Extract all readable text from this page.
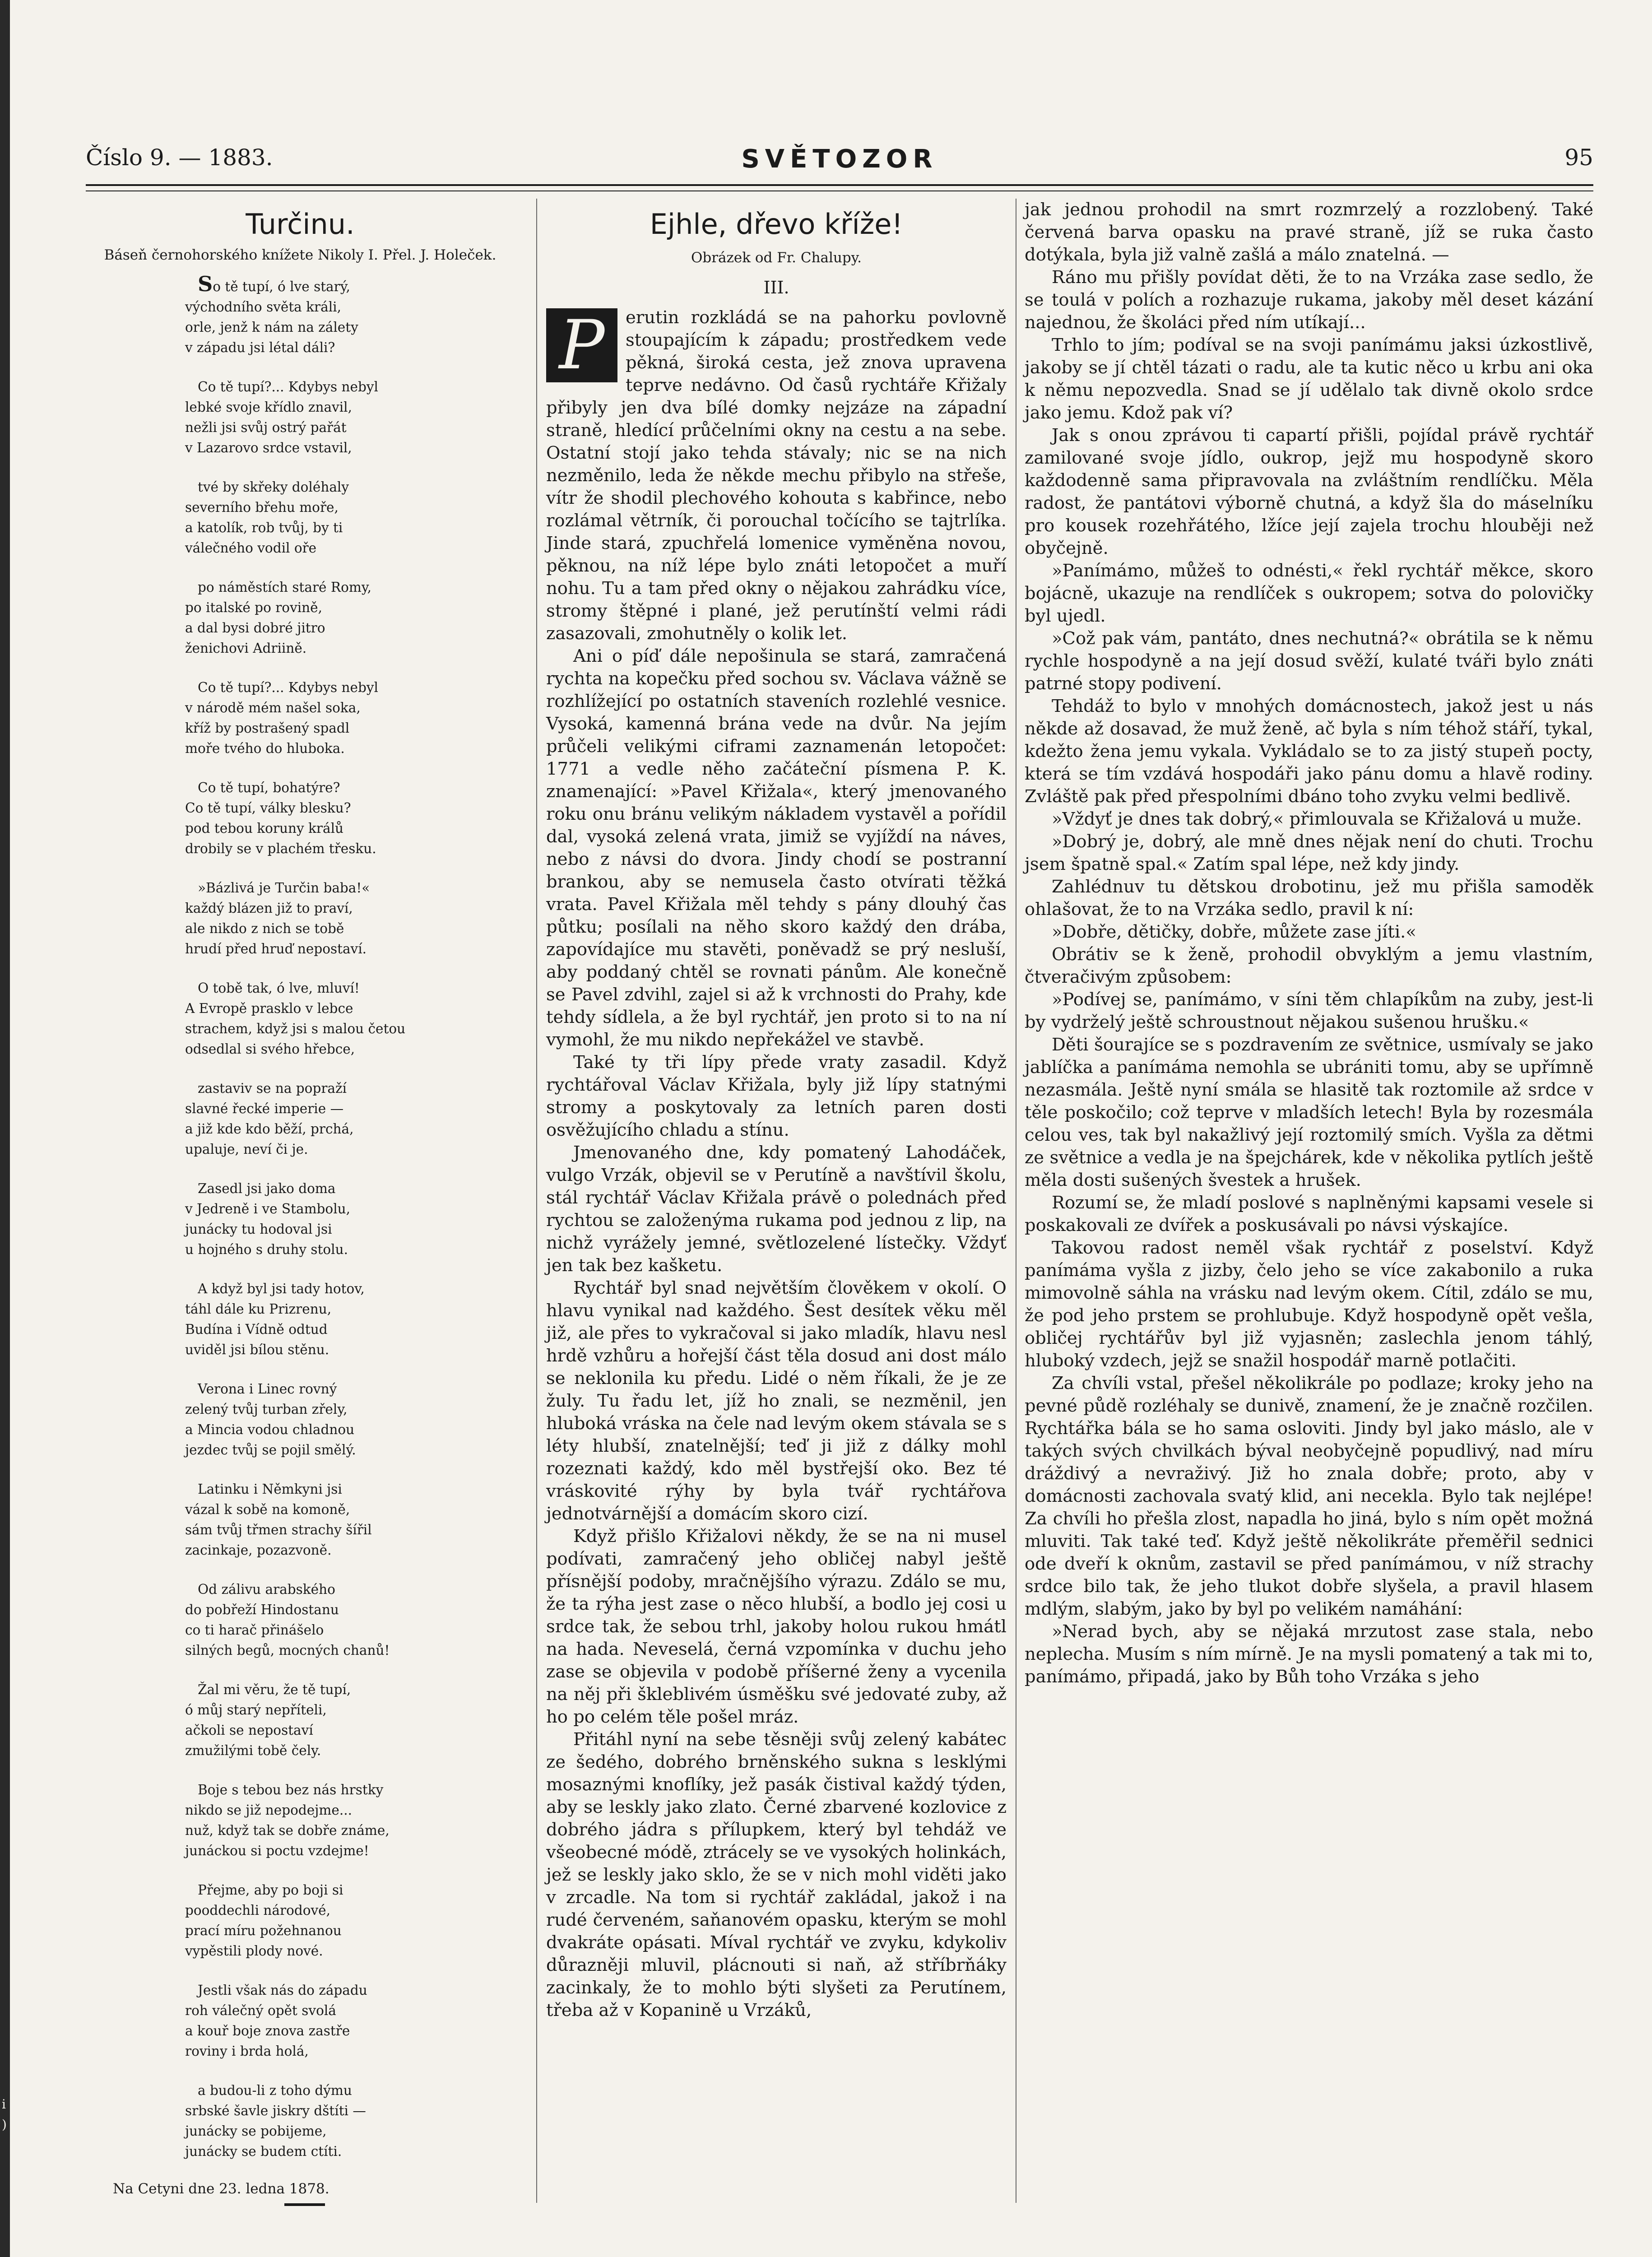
i
)
Číslo 9. — 1883.	SVĚTOZOR	95
Turčinu.
Báseň černohorského knížete Nikoly I. Přel. J. Holeček.
So tě tupí, ó lve starý,
východního světa králi,
orle, jenž k nám na zálety
v západu jsi létal dáli?
Co tě tupí?... Kdybys nebyl
lebké svoje křídlo znavil,
nežli jsi svůj ostrý pařát
v Lazarovo srdce vstavil,
tvé by skřeky doléhaly
severního břehu moře,
a katolík, rob tvůj, by ti
válečného vodil oře
po náměstích staré Romy,
po italské po rovině,
a dal bysi dobré jitro
ženichovi Adriině.
Co tě tupí?... Kdybys nebyl
v národě mém našel soka,
kříž by postrašený spadl
moře tvého do hluboka.
Co tě tupí, bohatýre?
Co tě tupí, války blesku?
pod tebou koruny králů
drobily se v plachém třesku.
»Bázlivá je Turčin baba!«
každý blázen již to praví,
ale nikdo z nich se tobě
hrudí před hruď nepostaví.
O tobě tak, ó lve, mluví!
A Evropě prasklo v lebce
strachem, když jsi s malou četou
odsedlal si svého hřebce,
zastaviv se na popraží
slavné řecké imperie —
a již kde kdo běží, prchá,
upaluje, neví či je.
Zasedl jsi jako doma
v Jedreně i ve Stambolu,
junácky tu hodoval jsi
u hojného s druhy stolu.
A když byl jsi tady hotov,
táhl dále ku Prizrenu,
Budína i Vídně odtud
uviděl jsi bílou stěnu.
Verona i Linec rovný
zelený tvůj turban zřely,
a Mincia vodou chladnou
jezdec tvůj se pojil smělý.
Latinku i Němkyni jsi
vázal k sobě na komoně,
sám tvůj třmen strachy šířil
zacinkaje, pozazvoně.
Od zálivu arabského
do pobřeží Hindostanu
co ti harač přinášelo
silných begů, mocných chanů!
Žal mi věru, že tě tupí,
ó můj starý nepříteli,
ačkoli se nepostaví
zmužilými tobě čely.
Boje s tebou bez nás hrstky
nikdo se již nepodejme...
nuž, když tak se dobře známe,
junáckou si poctu vzdejme!
Přejme, aby po boji si
pooddechli národové,
prací míru požehnanou
vypěstili plody nové.
Jestli však nás do západu
roh válečný opět svolá
a kouř boje znova zastře
roviny i brda holá,
a budou-li z toho dýmu
srbské šavle jiskry dštíti —
junácky se pobijeme,
junácky se budem ctíti.
Na Cetyni dne 23. ledna 1878.
Ejhle, dřevo kříže!
Obrázek od Fr. Chalupy.
III.

P	erutin rozkládá se na pahorku povlovně stoupajícím k západu; prostředkem vede pěkná, široká cesta, jež znova upravena teprve nedávno. Od časů rychtáře Křižaly přibyly jen dva bílé domky nejzáze na západní straně, hledící průčelními okny na cestu a na sebe. Ostatní stojí jako tehda stávaly; nic se na nich nezměnilo, leda že někde mechu přibylo na střeše, vítr že shodil plechového kohouta s kabřince, nebo rozlámal větrník, či porouchal točícího se tajtrlíka. Jinde stará, zpuchřelá lomenice vyměněna novou, pěknou, na níž lépe bylo znáti letopočet a muří nohu. Tu a tam před okny o nějakou zahrádku více, stromy štěpné i plané, jež perutínští velmi rádi zasazovali, zmohutněly o kolik let.

Ani o píď dále nepošinula se stará, zamračená rychta na kopečku před sochou sv. Václava vážně se rozhlížející po ostatních staveních rozlehlé vesnice. Vysoká, kamenná brána vede na dvůr. Na jejím průčeli velikými ciframi zaznamenán letopočet: 1771 a vedle něho začáteční písmena P. K. znamenající: »Pavel Křižala«, který jmenovaného roku onu bránu velikým nákladem vystavěl a pořídil dal, vysoká zelená vrata, jimiž se vyjíždí na náves, nebo z návsi do dvora. Jindy chodí se postranní brankou, aby se nemusela často otvírati těžká vrata. Pavel Křižala měl tehdy s pány dlouhý čas půtku; posílali na něho skoro každý den drába, zapovídajíce mu stavěti, poněvadž se prý nesluší, aby poddaný chtěl se rovnati pánům. Ale konečně se Pavel zdvihl, zajel si až k vrchnosti do Prahy, kde tehdy sídlela, a že byl rychtář, jen proto si to na ní vymohl, že mu nikdo nepřekážel ve stavbě.

Také ty tři lípy přede vraty zasadil. Když rychtářoval Václav Křižala, byly již lípy statnými stromy a poskytovaly za letních paren dosti osvěžujícího chladu a stínu.

Jmenovaného dne, kdy pomatený Lahodáček, vulgo Vrzák, objevil se v Perutíně a navštívil školu, stál rychtář Václav Křižala právě o polednách před rychtou se založenýma rukama pod jednou z lip, na nichž vyrážely jemné, světlozelené lístečky. Vždyť jen tak bez kašketu.

Rychtář byl snad největším člověkem v okolí. O hlavu vynikal nad každého. Šest desítek věku měl již, ale přes to vykračoval si jako mladík, hlavu nesl hrdě vzhůru a hořejší část těla dosud ani dost málo se neklonila ku předu. Lidé o něm říkali, že je ze žuly. Tu řadu let, jíž ho znali, se nezměnil, jen hluboká vráska na čele nad levým okem stávala se s léty hlubší, znatelnější; teď ji již z dálky mohl rozeznati každý, kdo měl bystřejší oko. Bez té vráskovité rýhy by byla tvář rychtářova jednotvárnější a domácím skoro cizí.

Když přišlo Křižalovi někdy, že se na ni musel podívati, zamračený jeho obličej nabyl ještě přísnější podoby, mračnějšího výrazu. Zdálo se mu, že ta rýha jest zase o něco hlubší, a bodlo jej cosi u srdce tak, že sebou trhl, jakoby holou rukou hmátl na hada. Neveselá, černá vzpomínka v duchu jeho zase se objevila v podobě příšerné ženy a vycenila na něj při škleblivém úsměšku své jedovaté zuby, až ho po celém těle pošel mráz.

Přitáhl nyní na sebe těsněji svůj zelený kabátec ze šedého, dobrého brněnského sukna s lesklými mosaznými knoflíky, jež pasák čistival každý týden, aby se leskly jako zlato. Černé zbarvené kozlovice z dobrého jádra s přílupkem, který byl tehdáž ve všeobecné módě, ztrácely se ve vysokých holinkách, jež se leskly jako sklo, že se v nich mohl viděti jako v zrcadle. Na tom si rychtář zakládal, jakož i na rudé červeném, saňanovém opasku, kterým se mohl dvakráte opásati. Míval rychtář ve zvyku, kdykoliv důrazněji mluvil, plácnouti si naň, až stříbrňáky zacinkaly, že to mohlo býti slyšeti za Perutínem, třeba až v Kopanině u Vrzáků,

jak jednou prohodil na smrt rozmrzelý a rozzlobený. Také červená barva opasku na pravé straně, jíž se ruka často dotýkala, byla již valně zašlá a málo znatelná. —

Ráno mu přišly povídat děti, že to na Vrzáka zase sedlo, že se toulá v polích a rozhazuje rukama, jakoby měl deset kázání najednou, že školáci před ním utíkají...

Trhlo to jím; podíval se na svoji panímámu jaksi úzkostlivě, jakoby se jí chtěl tázati o radu, ale ta kutic něco u krbu ani oka k němu nepozvedla. Snad se jí udělalo tak divně okolo srdce jako jemu. Kdož pak ví?

Jak s onou zprávou ti capartí přišli, pojídal právě rychtář zamilované svoje jídlo, oukrop, jejž mu hospodyně skoro každodenně sama připravovala na zvláštním rendlíčku. Měla radost, že pantátovi výborně chutná, a když šla do máselníku pro kousek rozehřátého, lžíce její zajela trochu hlouběji než obyčejně.

»Panímámo, můžeš to odnésti,« řekl rychtář měkce, skoro bojácně, ukazuje na rendlíček s oukropem; sotva do polovičky byl ujedl.

»Což pak vám, pantáto, dnes nechutná?« obrátila se k němu rychle hospodyně a na její dosud svěží, kulaté tváři bylo znáti patrné stopy podivení.

Tehdáž to bylo v mnohých domácnostech, jakož jest u nás někde až dosavad, že muž ženě, ač byla s ním téhož stáří, tykal, kdežto žena jemu vykala. Vykládalo se to za jistý stupeň pocty, která se tím vzdává hospodáři jako pánu domu a hlavě rodiny. Zvláště pak před přespolními dbáno toho zvyku velmi bedlivě.

»Vždyť je dnes tak dobrý,« přimlouvala se Křižalová u muže.

»Dobrý je, dobrý, ale mně dnes nějak není do chuti. Trochu jsem špatně spal.« Zatím spal lépe, než kdy jindy.

Zahlédnuv tu dětskou drobotinu, jež mu přišla samoděk ohlašovat, že to na Vrzáka sedlo, pravil k ní:

»Dobře, dětičky, dobře, můžete zase jíti.«

Obrátiv se k ženě, prohodil obvyklým a jemu vlastním, čtveračivým způsobem:

»Podívej se, panímámo, v síni těm chlapíkům na zuby, jest-li by vydrželý ještě schroustnout nějakou sušenou hrušku.«

Děti šourajíce se s pozdravením ze světnice, usmívaly se jako jablíčka a panímáma nemohla se ubrániti tomu, aby se upřímně nezasmála. Ještě nyní smála se hlasitě tak roztomile až srdce v těle poskočilo; což teprve v mladších letech! Byla by rozesmála celou ves, tak byl nakažlivý její roztomilý smích. Vyšla za dětmi ze světnice a vedla je na špejchárek, kde v několika pytlích ještě měla dosti sušených švestek a hrušek.

Rozumí se, že mladí poslové s naplněnými kapsami vesele si poskakovali ze dvířek a poskusávali po návsi výskajíce.

Takovou radost neměl však rychtář z poselství. Když panímáma vyšla z jizby, čelo jeho se více zakabonilo a ruka mimovolně sáhla na vrásku nad levým okem. Cítil, zdálo se mu, že pod jeho prstem se prohlubuje. Když hospodyně opět vešla, obličej rychtářův byl již vyjasněn; zaslechla jenom táhlý, hluboký vzdech, jejž se snažil hospodář marně potlačiti.

Za chvíli vstal, přešel několikrále po podlaze; kroky jeho na pevné půdě rozléhaly se dunivě, znamení, že je značně rozčilen. Rychtářka bála se ho sama osloviti. Jindy byl jako máslo, ale v takých svých chvilkách býval neobyčejně popudlivý, nad míru dráždivý a nevraživý. Již ho znala dobře; proto, aby v domácnosti zachovala svatý klid, ani necekla. Bylo tak nejlépe! Za chvíli ho přešla zlost, napadla ho jiná, bylo s ním opět možná mluviti. Tak také teď. Když ještě několikráte přeměřil sednici ode dveří k oknům, zastavil se před panímámou, v níž strachy srdce bilo tak, že jeho tlukot dobře slyšela, a pravil hlasem mdlým, slabým, jako by byl po velikém namáhání:

»Nerad bych, aby se nějaká mrzutost zase stala, nebo neplecha. Musím s ním mírně. Je na mysli pomatený a tak mi to, panímámo, připadá, jako by Bůh toho Vrzáka s jeho
